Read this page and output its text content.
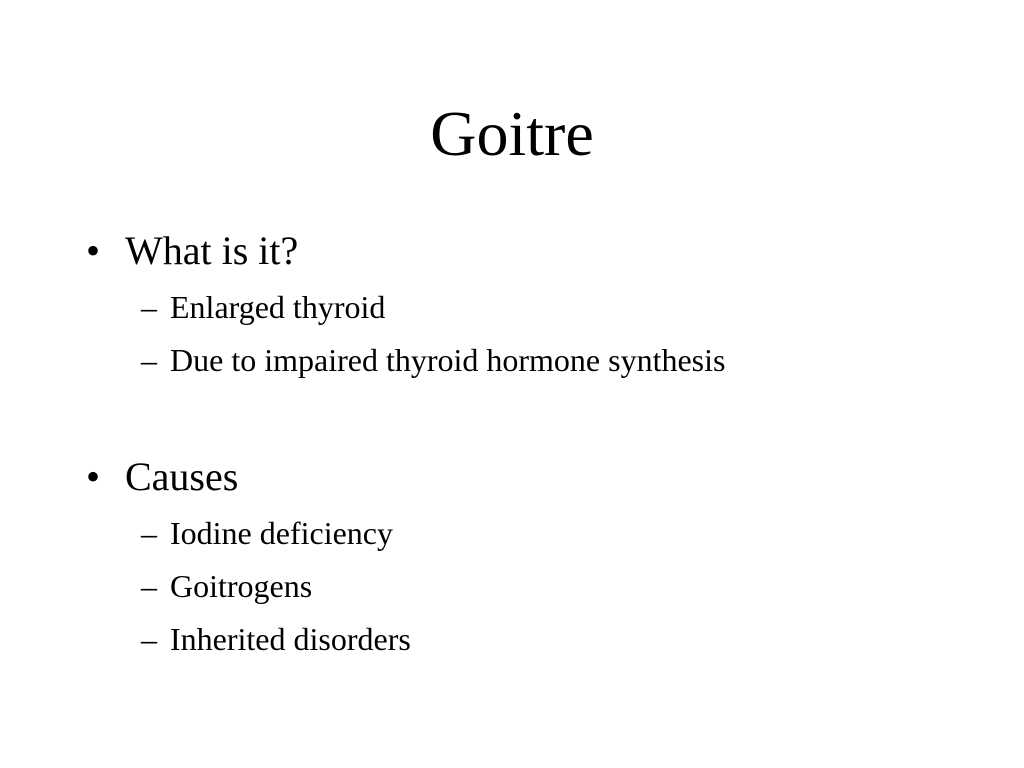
Goitre
• What is it?
– Enlarged thyroid
– Due to impaired thyroid hormone synthesis
• Causes
– Iodine deficiency
– Goitrogens
– Inherited disorders
